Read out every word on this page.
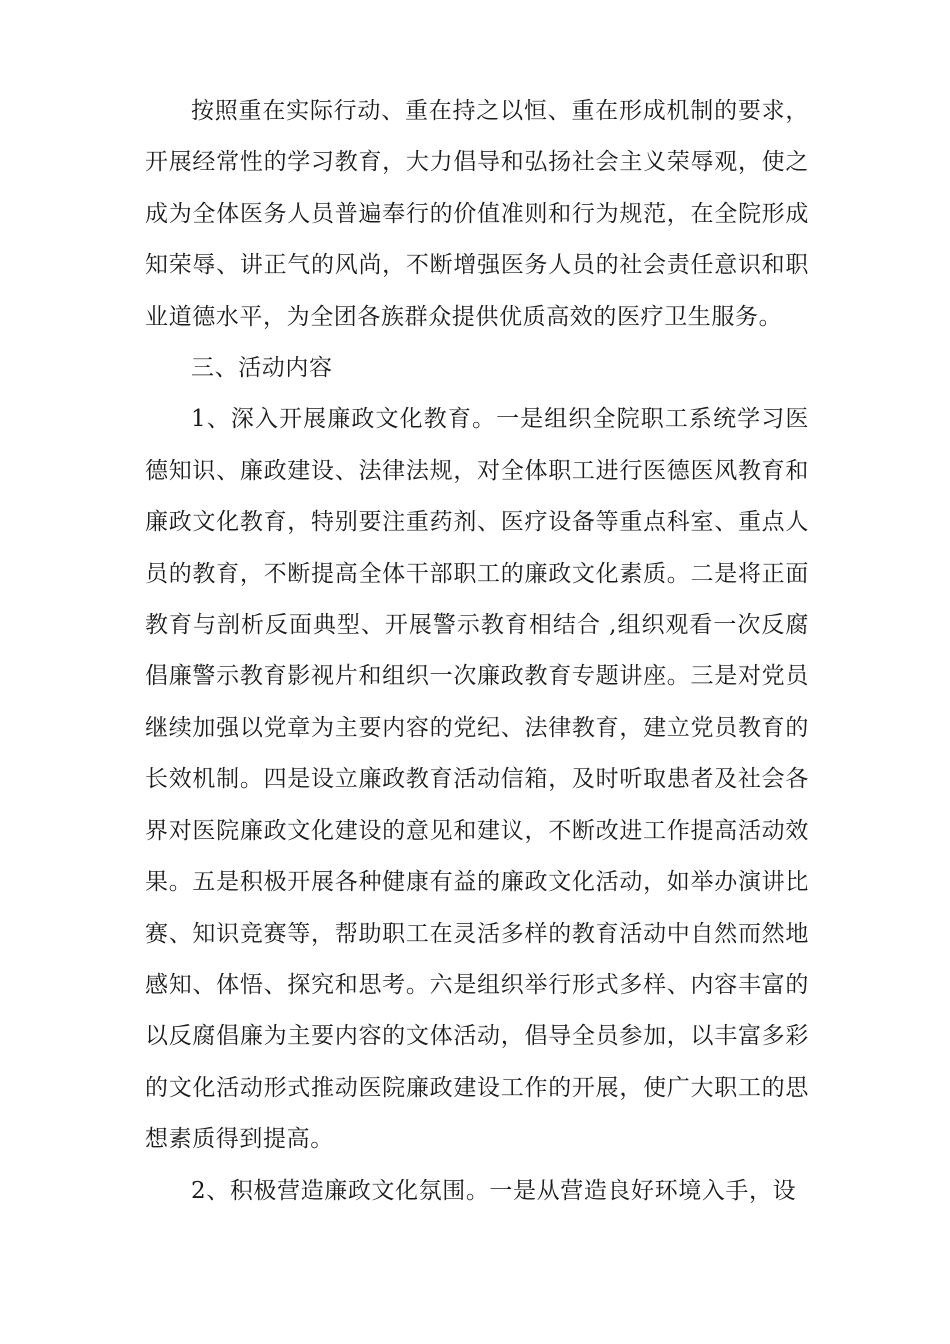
按照重在实际行动、重在持之以恒、重在形成机制的要求，开展经常性的学习教育，大力倡导和弘扬社会主义荣辱观，使之成为全体医务人员普遍奉行的价值准则和行为规范，在全院形成知荣辱、讲正气的风尚，不断增强医务人员的社会责任意识和职业道德水平，为全团各族群众提供优质高效的医疗卫生服务。

三、活动内容

1、深入开展廉政文化教育。一是组织全院职工系统学习医德知识、廉政建设、法律法规，对全体职工进行医德医风教育和廉政文化教育，特别要注重药剂、医疗设备等重点科室、重点人员的教育，不断提高全体干部职工的廉政文化素质。二是将正面教育与剖析反面典型、开展警示教育相结合 ,组织观看一次反腐倡廉警示教育影视片和组织一次廉政教育专题讲座。三是对党员继续加强以党章为主要内容的党纪、法律教育，建立党员教育的长效机制。四是设立廉政教育活动信箱，及时听取患者及社会各界对医院廉政文化建设的意见和建议，不断改进工作提高活动效果。五是积极开展各种健康有益的廉政文化活动，如举办演讲比赛、知识竞赛等，帮助职工在灵活多样的教育活动中自然而然地感知、体悟、探究和思考。六是组织举行形式多样、内容丰富的以反腐倡廉为主要内容的文体活动，倡导全员参加，以丰富多彩的文化活动形式推动医院廉政建设工作的开展，使广大职工的思想素质得到提高。

2、积极营造廉政文化氛围。一是从营造良好环境入手，设
